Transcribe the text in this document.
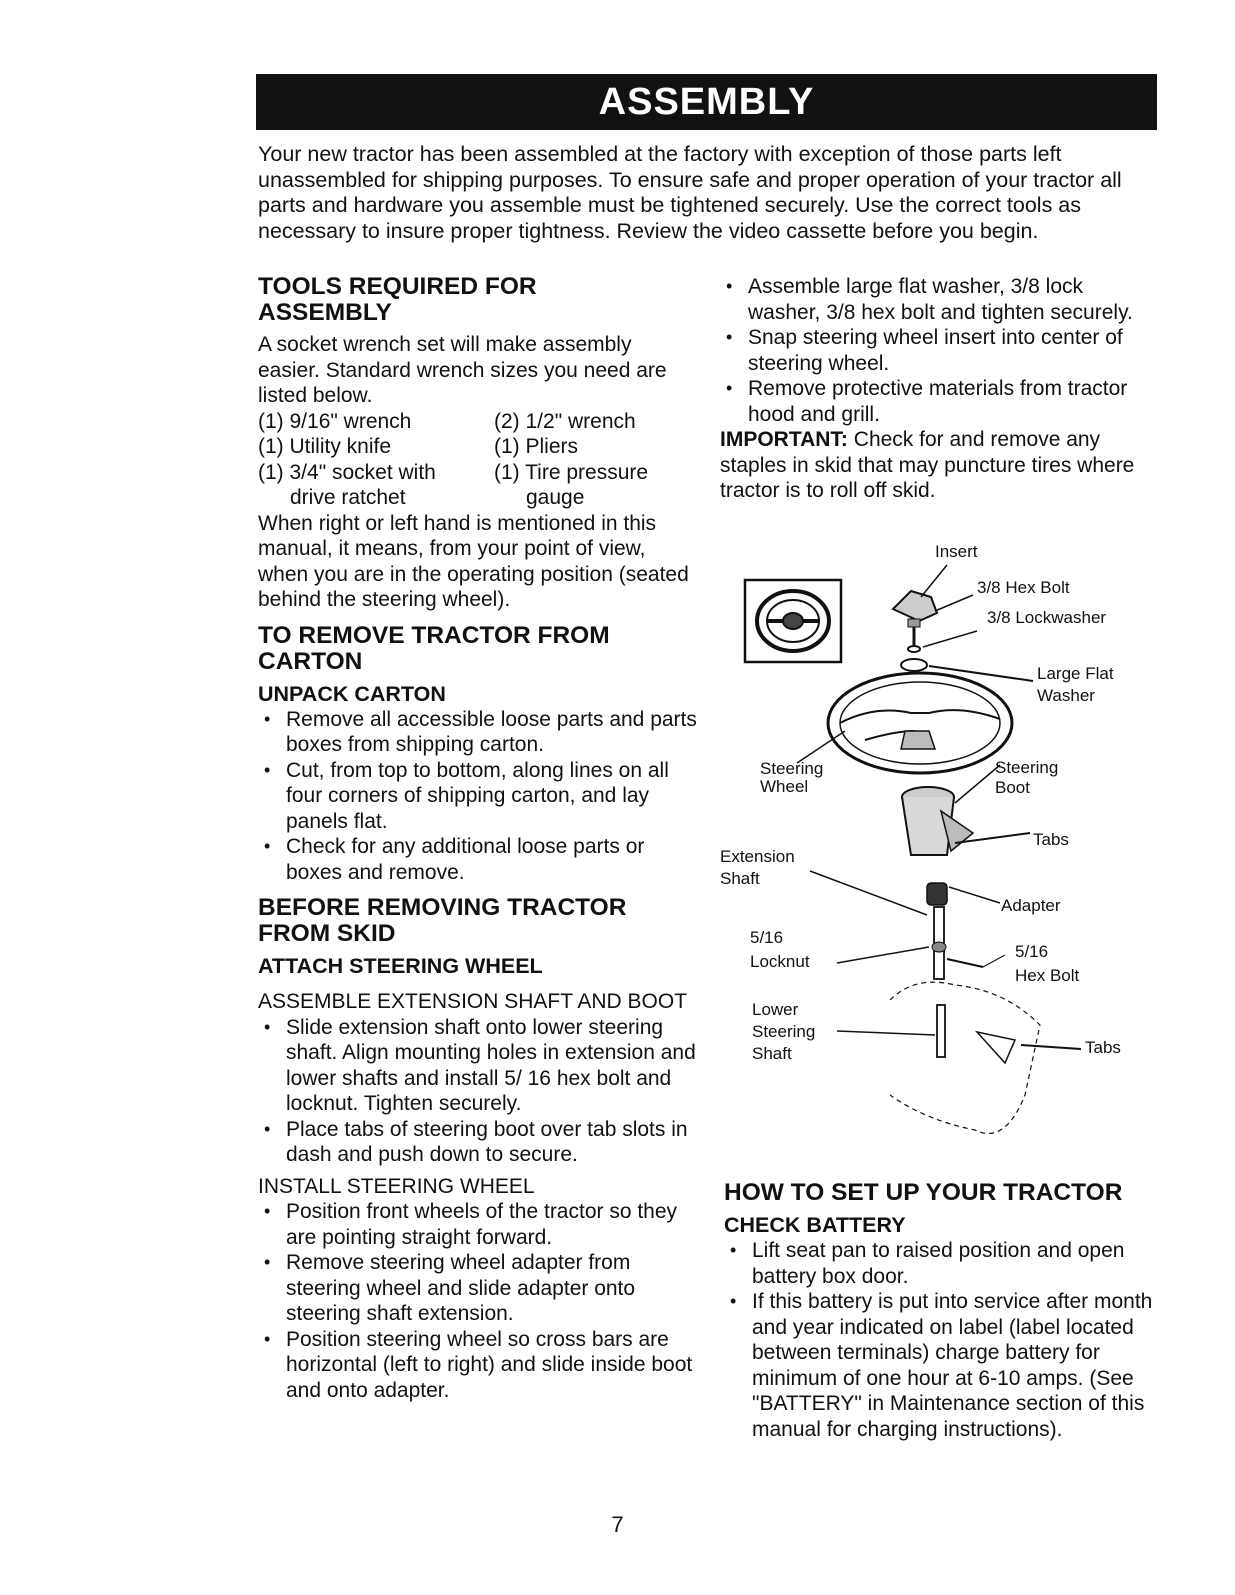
ASSEMBLY

Your new tractor has been assembled at the factory with exception of those parts left unassembled for shipping purposes. To ensure safe and proper operation of your tractor all parts and hardware you assemble must be tightened securely. Use the correct tools as necessary to insure proper tightness. Review the video cassette before you begin.

TOOLS REQUIRED FOR

ASSEMBLY

A socket wrench set will make assembly easier. Standard wrench sizes you need are listed below.

(1) 9/16" wrench	(2) 1/2" wrench
(1) Utility knife	(1) Pliers
(1) 3/4" socket with	(1) Tire pressure
drive ratchet	gauge

When right or left hand is mentioned in this manual, it means, from your point of view, when you are in the operating position (seated behind the steering wheel).

TO REMOVE TRACTOR FROM

CARTON

UNPACK CARTON

• Remove all accessible loose parts and parts boxes from shipping carton.
• Cut, from top to bottom, along lines on all four corners of shipping carton, and lay panels flat.
• Check for any additional loose parts or boxes and remove.

BEFORE REMOVING TRACTOR

FROM SKID

ATTACH STEERING WHEEL

ASSEMBLE EXTENSION SHAFT AND BOOT

• Slide extension shaft onto lower steering shaft. Align mounting holes in extension and lower shafts and install 5/ 16 hex bolt and locknut. Tighten securely.
• Place tabs of steering boot over tab slots in dash and push down to secure.

INSTALL STEERING WHEEL

• Position front wheels of the tractor so they are pointing straight forward.
• Remove steering wheel adapter from steering wheel and slide adapter onto steering shaft extension.
• Position steering wheel so cross bars are horizontal (left to right) and slide inside boot and onto adapter.
• Assemble large flat washer, 3/8 lock washer, 3/8 hex bolt and tighten securely.
• Snap steering wheel insert into center of steering wheel.
• Remove protective materials from tractor hood and grill.

IMPORTANT: Check for and remove any staples in skid that may puncture tires where tractor is to roll off skid.

Insert
3/8 Hex Bolt
3/8 Lockwasher
Large Flat
Washer
Steering
Wheel
Steering
Boot
Tabs
Extension
Shaft
Adapter
5/16
Locknut
5/16
Hex Bolt
Lower
Steering
Shaft	Tabs

HOW TO SET UP YOUR TRACTOR

CHECK BATTERY

• Lift seat pan to raised position and open battery box door.
• If this battery is put into service after month and year indicated on label (label located between terminals) charge battery for minimum of one hour at 6-10 amps. (See "BATTERY" in Maintenance section of this manual for charging instructions).
7
